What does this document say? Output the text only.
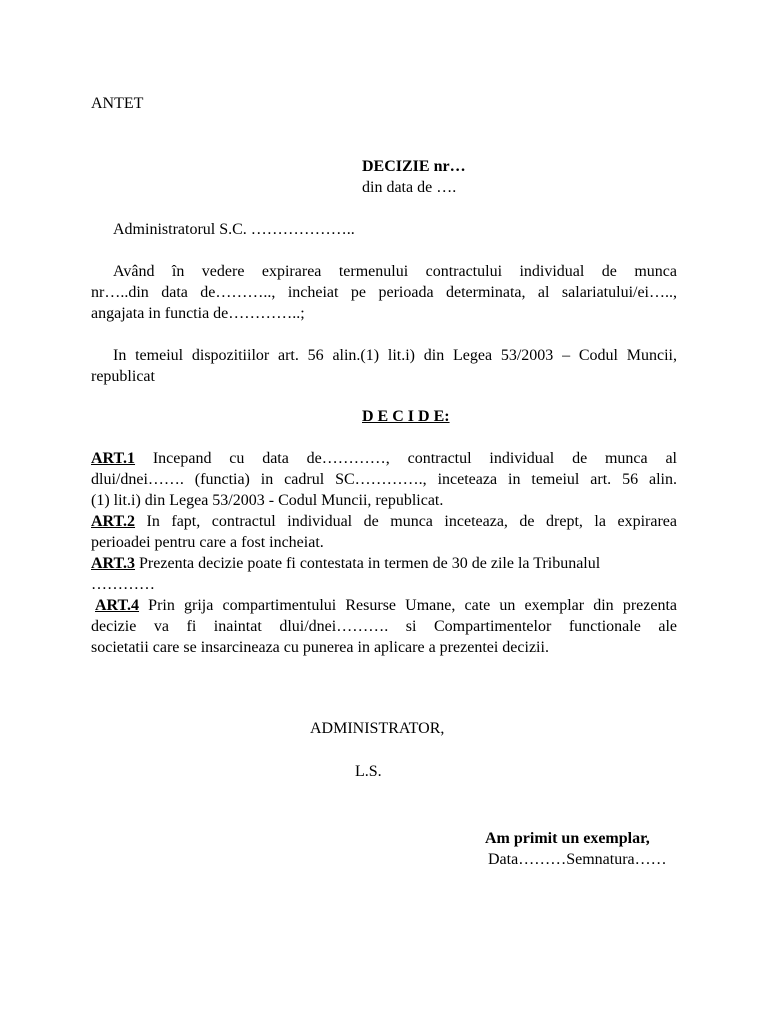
ANTET
DECIZIE nr…
din data de ….
Administratorul S.C. ………………..
Având în vedere expirarea termenului contractului individual de munca
nr…..din data de……….., incheiat pe perioada determinata, al salariatului/ei…..,
angajata in functia de…………..;
In temeiul dispozitiilor art. 56 alin.(1) lit.i) din Legea 53/2003 – Codul Muncii,
republicat
D E C I D E:
ART.1 Incepand cu data de…………, contractul individual de munca al
dlui/dnei……. (functia) in cadrul SC…………., inceteaza in temeiul art. 56 alin.
(1) lit.i) din Legea 53/2003 - Codul Muncii, republicat.
ART.2 In fapt, contractul individual de munca inceteaza, de drept, la expirarea
perioadei pentru care a fost incheiat.
ART.3 Prezenta decizie poate fi contestata in termen de 30 de zile la Tribunalul
…………
ART.4 Prin grija compartimentului Resurse Umane, cate un exemplar din prezenta
decizie va fi inaintat dlui/dnei………. si Compartimentelor functionale ale
societatii care se insarcineaza cu punerea in aplicare a prezentei decizii.
ADMINISTRATOR,
L.S.
Am primit un exemplar,
Data………Semnatura……
